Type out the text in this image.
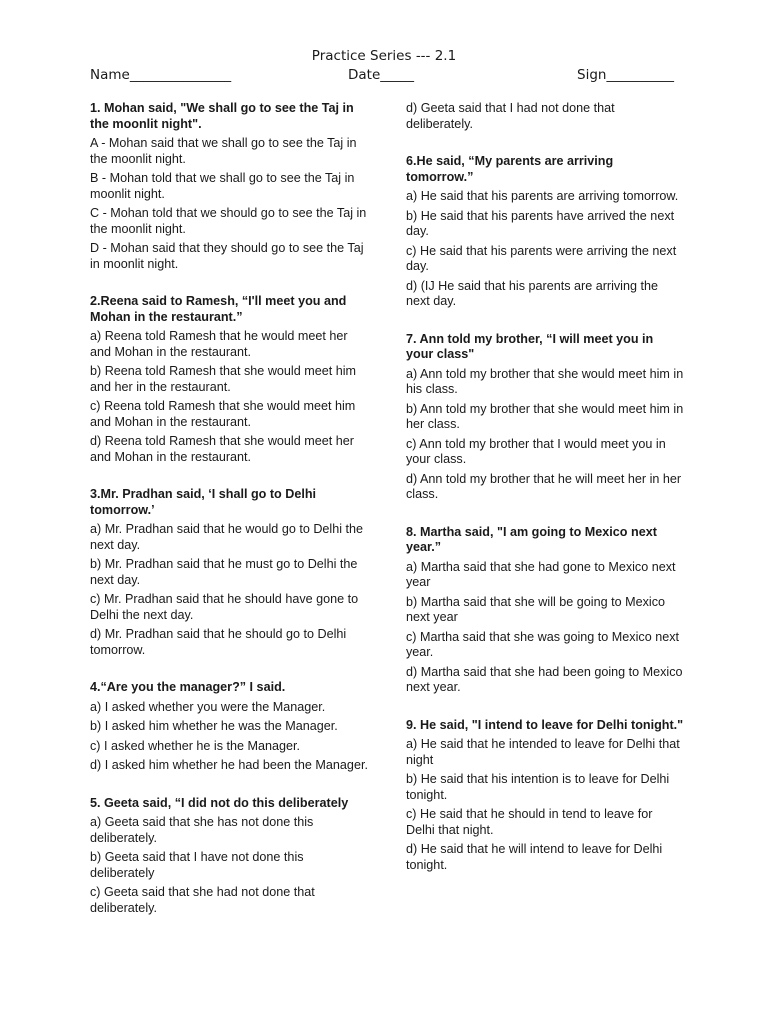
Practice Series --- 2.1
Name_______________	Date_____	Sign__________
1. Mohan said, "We shall go to see the Taj in the moonlit night".
A - Mohan said that we shall go to see the Taj in the moonlit night.
B - Mohan told that we shall go to see the Taj in moonlit night.
C - Mohan told that we should go to see the Taj in the moonlit night.
D - Mohan said that they should go to see the Taj in moonlit night.
2.Reena said to Ramesh, “I'll meet you and Mohan in the restaurant.”
a) Reena told Ramesh that he would meet her and Mohan in the restaurant.
b) Reena told Ramesh that she would meet him and her in the restaurant.
c) Reena told Ramesh that she would meet him and Mohan in the restaurant.
d) Reena told Ramesh that she would meet her and Mohan in the restaurant.
3.Mr. Pradhan said, ‘I shall go to Delhi tomorrow.’
a) Mr. Pradhan said that he would go to Delhi the next day.
b) Mr. Pradhan said that he must go to Delhi the next day.
c) Mr. Pradhan said that he should have gone to Delhi the next day.
d) Mr. Pradhan said that he should go to Delhi tomorrow.
4.“Are you the manager?” I said.
a) I asked whether you were the Manager.
b) I asked him whether he was the Manager.
c) I asked whether he is the Manager.
d) I asked him whether he had been the Manager.
5. Geeta said, “I did not do this deliberately
a) Geeta said that she has not done this deliberately.
b) Geeta said that I have not done this deliberately
c) Geeta said that she had not done that deliberately.
d) Geeta said that I had not done that deliberately.
6.He said, “My parents are arriving tomorrow.”
a) He said that his parents are arriving tomorrow.
b) He said that his parents have arrived the next day.
c) He said that his parents were arriving the next day.
d) (IJ He said that his parents are arriving the next day.
7. Ann told my brother, “I will meet you in your class"
a) Ann told my brother that she would meet him in his class.
b) Ann told my brother that she would meet him in her class.
c) Ann told my brother that I would meet you in your class.
d) Ann told my brother that he will meet her in her class.
8. Martha said, "I am going to Mexico next year.”
a) Martha said that she had gone to Mexico next year
b) Martha said that she will be going to Mexico next year
c) Martha said that she was going to Mexico next year.
d) Martha said that she had been going to Mexico next year.
9. He said, "I intend to leave for Delhi tonight."
a) He said that he intended to leave for Delhi that night
b) He said that his intention is to leave for Delhi tonight.
c) He said that he should in tend to leave for Delhi that night.
d) He said that he will intend to leave for Delhi tonight.
